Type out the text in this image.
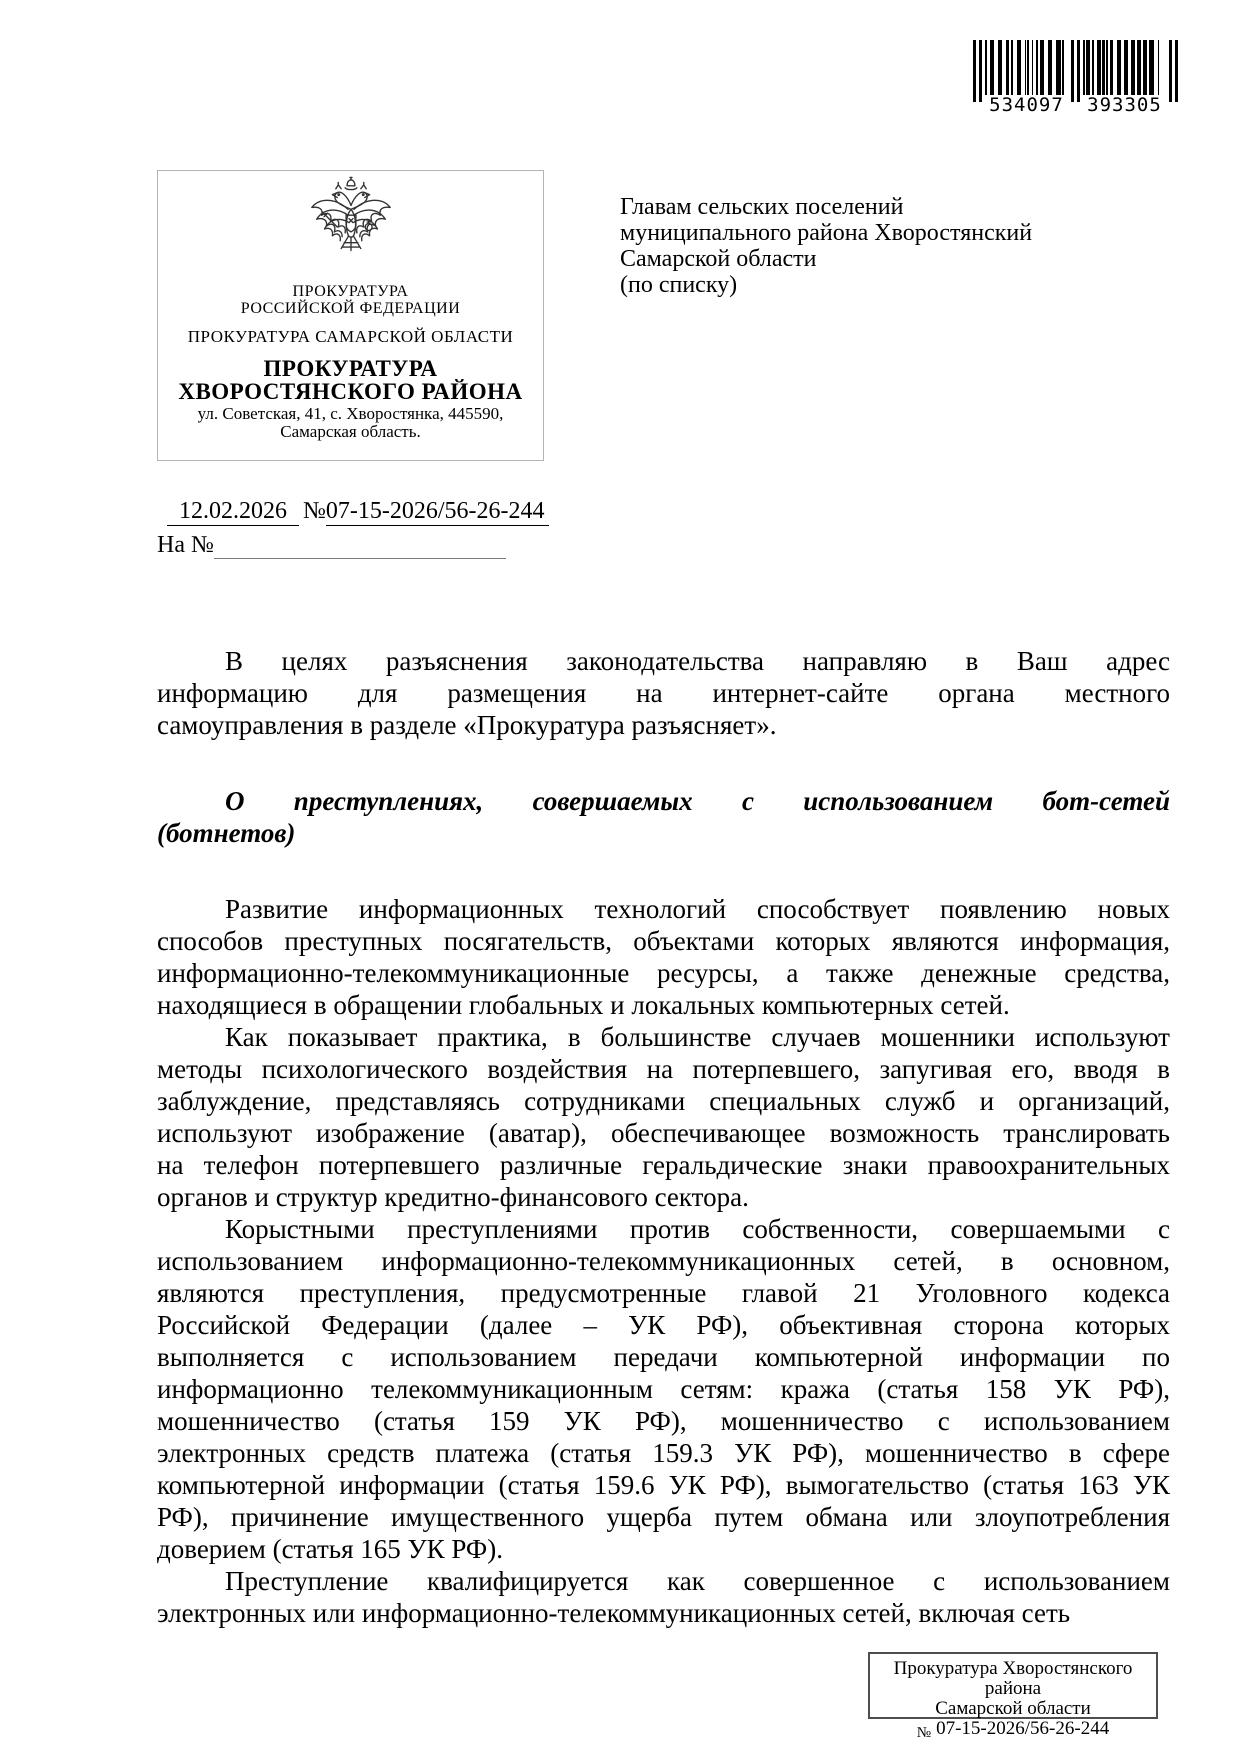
534097	393305
ПРОКУРАТУРА
РОССИЙСКОЙ ФЕДЕРАЦИИ
ПРОКУРАТУРА САМАРСКОЙ ОБЛАСТИ
ПРОКУРАТУРА
ХВОРОСТЯНСКОГО РАЙОНА
ул. Советская, 41, с. Хворостянка, 445590,
Самарская область.
Главам сельских поселений
муниципального района Хворостянский
Самарской области
(по списку)
12.02.2026 №07-15-2026/56-26-244
На №
В целях разъяснения законодательства направляю в Ваш адрес
информацию для размещения на интернет-сайте органа местного
самоуправления в разделе «Прокуратура разъясняет».
О преступлениях, совершаемых с использованием бот-сетей
(ботнетов)
Развитие информационных технологий способствует появлению новых
способов преступных посягательств, объектами которых являются информация,
информационно-телекоммуникационные ресурсы, а также денежные средства,
находящиеся в обращении глобальных и локальных компьютерных сетей.
Как показывает практика, в большинстве случаев мошенники используют
методы психологического воздействия на потерпевшего, запугивая его, вводя в
заблуждение, представляясь сотрудниками специальных служб и организаций,
используют изображение (аватар), обеспечивающее возможность транслировать
на телефон потерпевшего различные геральдические знаки правоохранительных
органов и структур кредитно-финансового сектора.
Корыстными преступлениями против собственности, совершаемыми с
использованием информационно-телекоммуникационных сетей, в основном,
являются преступления, предусмотренные главой 21 Уголовного кодекса
Российской Федерации (далее – УК РФ), объективная сторона которых
выполняется с использованием передачи компьютерной информации по
информационно телекоммуникационным сетям: кража (статья 158 УК РФ),
мошенничество (статья 159 УК РФ), мошенничество с использованием
электронных средств платежа (статья 159.3 УК РФ), мошенничество в сфере
компьютерной информации (статья 159.6 УК РФ), вымогательство (статья 163 УК
РФ), причинение имущественного ущерба путем обмана или злоупотребления
доверием (статья 165 УК РФ).
Преступление квалифицируется как совершенное с использованием
электронных или информационно-телекоммуникационных сетей, включая сеть
Прокуратура Хворостянского района
Самарской области
№ 07-15-2026/56-26-244
